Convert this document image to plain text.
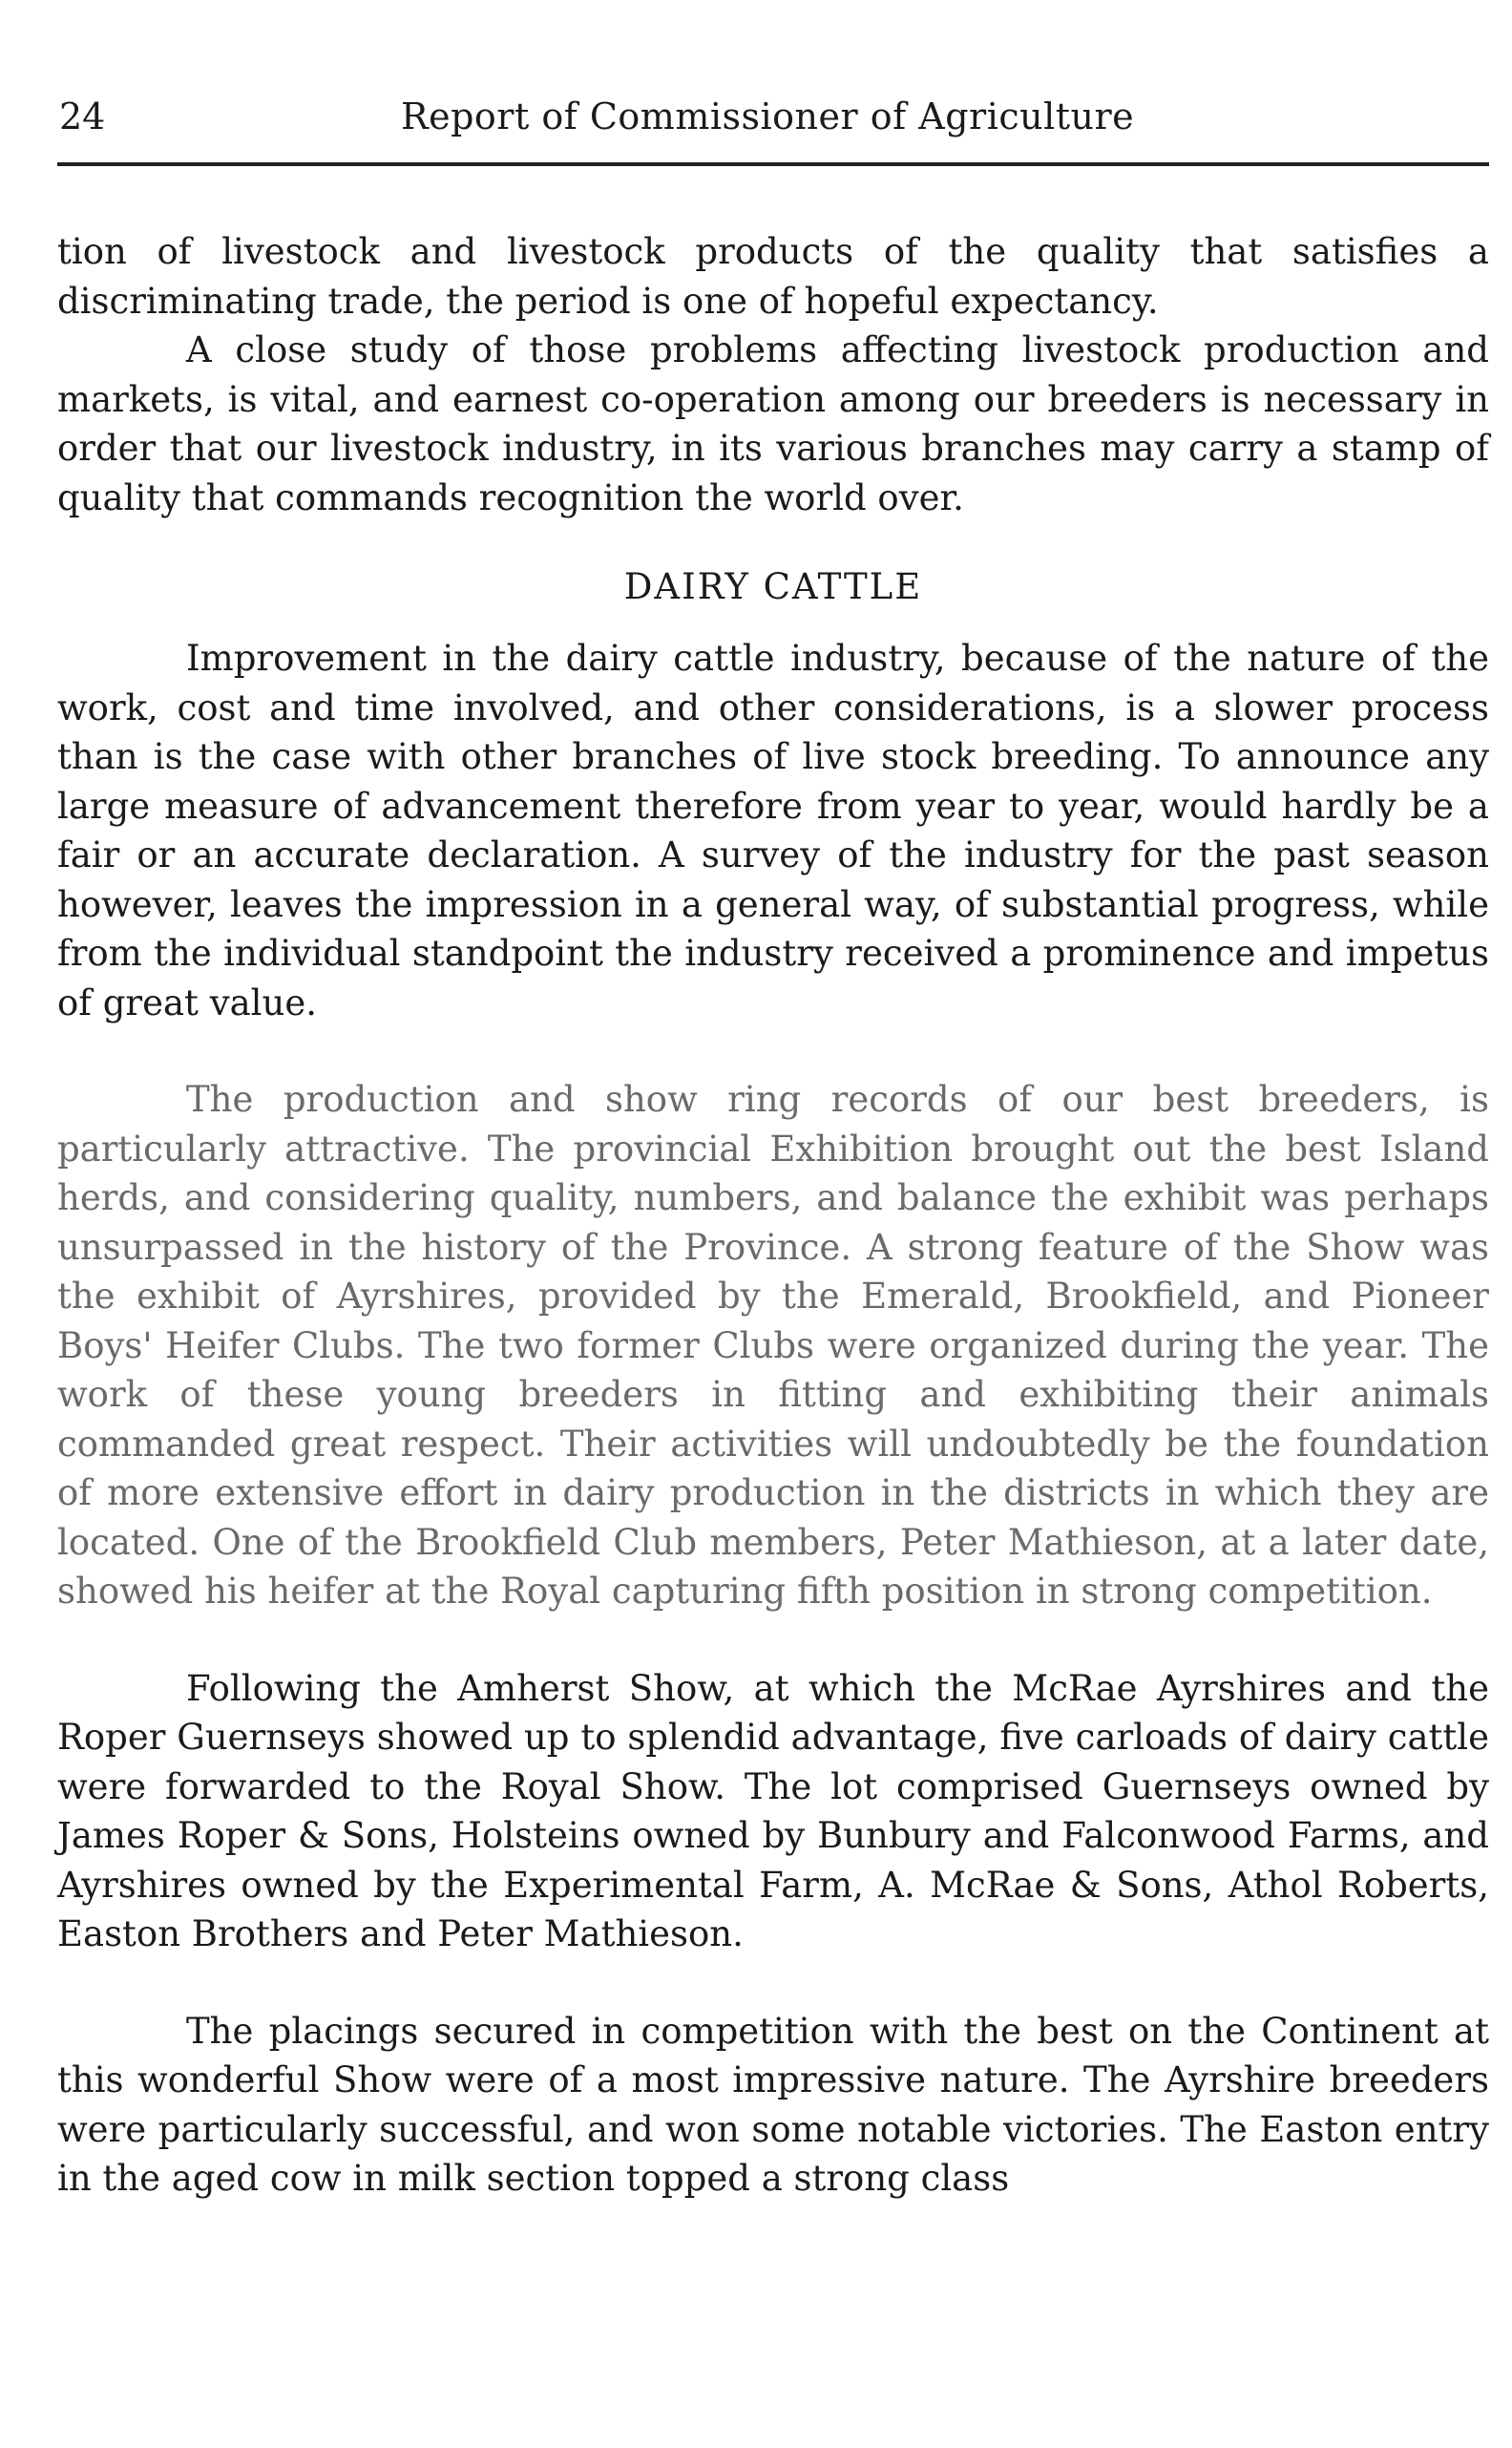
24	Report of Commissioner of Agriculture

tion of livestock and livestock products of the quality that satisfies a discriminating trade, the period is one of hopeful expectancy.

A close study of those problems affecting livestock production and markets, is vital, and earnest co-operation among our breeders is necessary in order that our livestock industry, in its various branches may carry a stamp of quality that commands recognition the world over.

DAIRY CATTLE

Improvement in the dairy cattle industry, because of the nature of the work, cost and time involved, and other considerations, is a slower process than is the case with other branches of live stock breeding. To announce any large measure of advancement therefore from year to year, would hardly be a fair or an accurate declaration. A survey of the industry for the past season however, leaves the impression in a general way, of substantial progress, while from the individual standpoint the industry received a prominence and impetus of great value.

The production and show ring records of our best breeders, is particularly attractive. The provincial Exhibition brought out the best Island herds, and considering quality, numbers, and balance the exhibit was perhaps unsurpassed in the history of the Province. A strong feature of the Show was the exhibit of Ayrshires, provided by the Emerald, Brookfield, and Pioneer Boys' Heifer Clubs. The two former Clubs were organized during the year. The work of these young breeders in fitting and exhibiting their animals commanded great respect. Their activities will undoubtedly be the foundation of more extensive effort in dairy production in the districts in which they are located. One of the Brookfield Club members, Peter Mathieson, at a later date, showed his heifer at the Royal capturing fifth position in strong competition.

Following the Amherst Show, at which the McRae Ayrshires and the Roper Guernseys showed up to splendid advantage, five carloads of dairy cattle were forwarded to the Royal Show. The lot comprised Guernseys owned by James Roper & Sons, Holsteins owned by Bunbury and Falconwood Farms, and Ayrshires owned by the Experimental Farm, A. McRae & Sons, Athol Roberts, Easton Brothers and Peter Mathieson.

The placings secured in competition with the best on the Continent at this wonderful Show were of a most impressive nature. The Ayrshire breeders were particularly successful, and won some notable victories. The Easton entry in the aged cow in milk section topped a strong class
